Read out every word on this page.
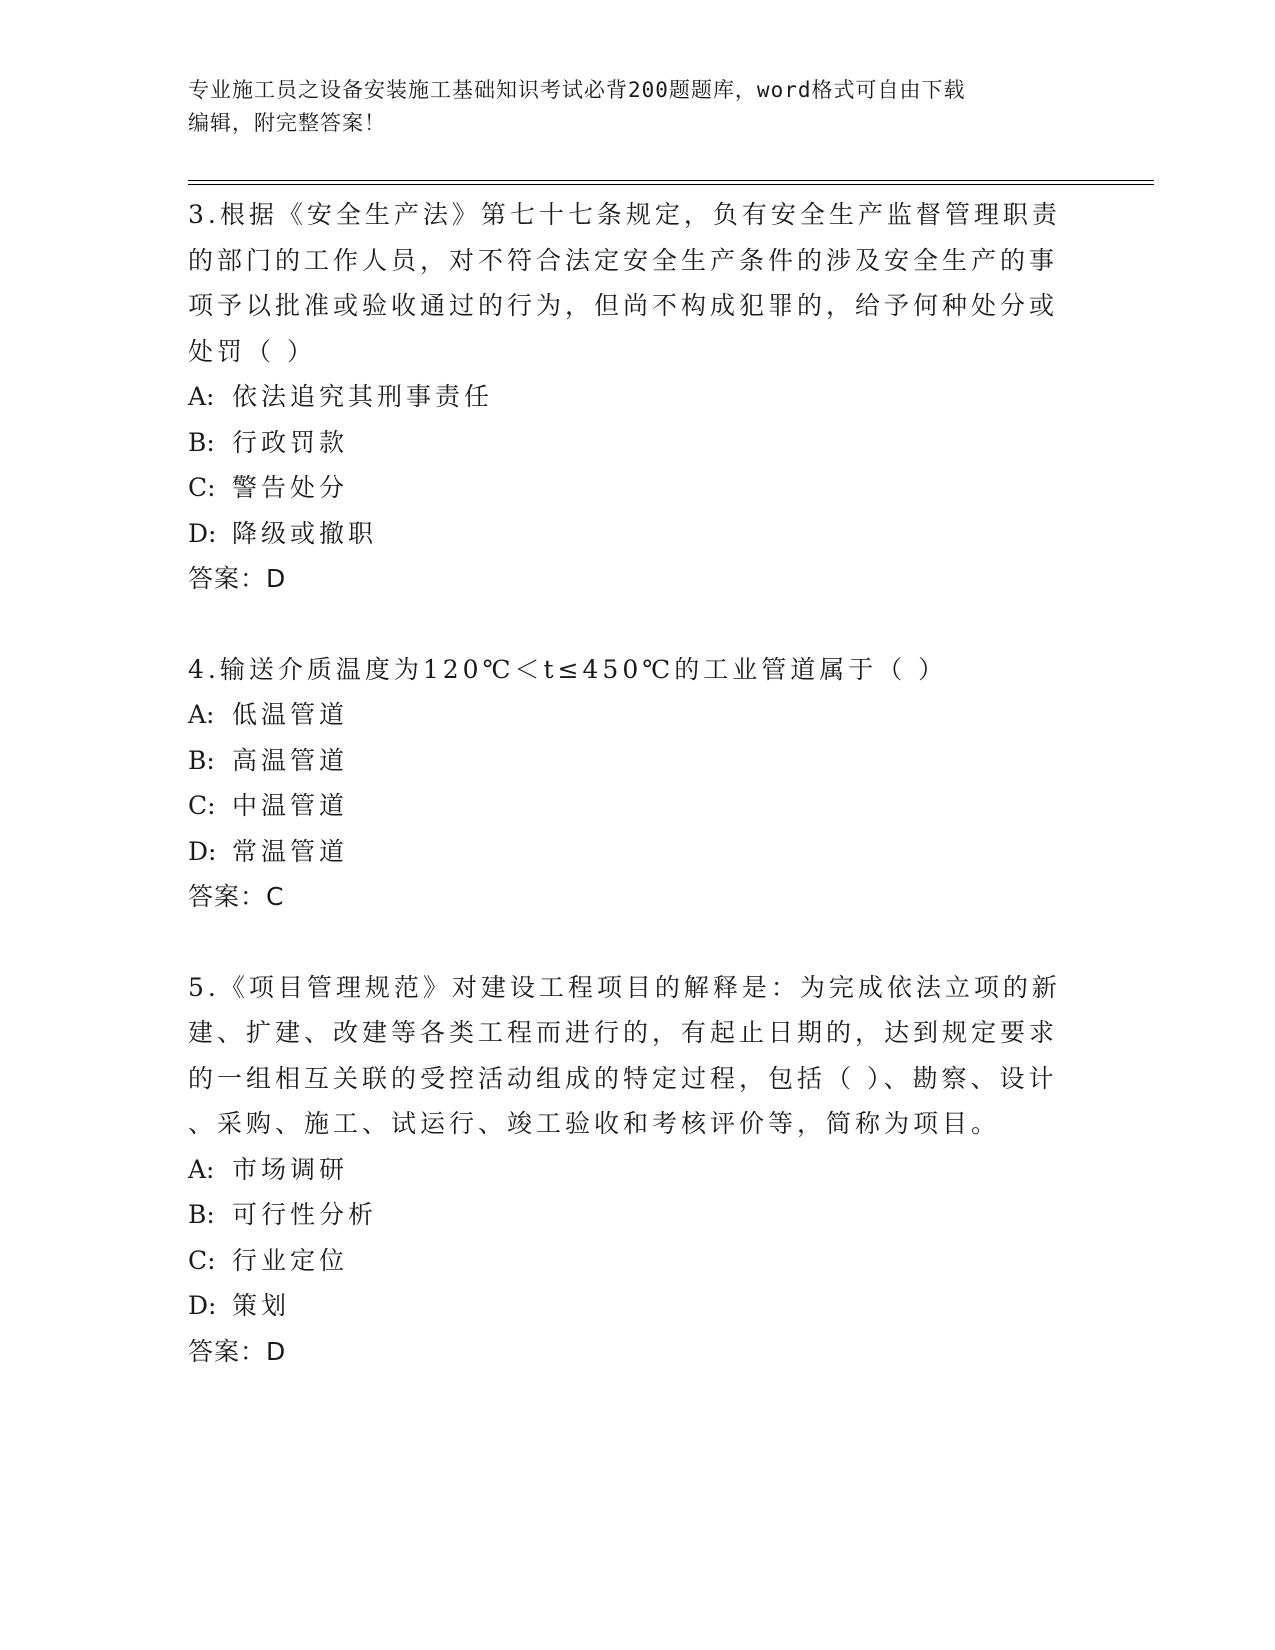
专业施工员之设备安装施工基础知识考试必背200题题库，word格式可自由下载
编辑，附完整答案！

3.根据《安全生产法》第七十七条规定，负有安全生产监督管理职责

的部门的工作人员，对不符合法定安全生产条件的涉及安全生产的事

项予以批准或验收通过的行为，但尚不构成犯罪的，给予何种处分或

处罚（ ）

A: 依法追究其刑事责任

B: 行政罚款

C: 警告处分

D: 降级或撤职

答案：D

4.输送介质温度为120℃＜t≤450℃的工业管道属于（ ）

A: 低温管道

B: 高温管道

C: 中温管道

D: 常温管道

答案：C

5.《项目管理规范》对建设工程项目的解释是：为完成依法立项的新

建、扩建、改建等各类工程而进行的，有起止日期的，达到规定要求

的一组相互关联的受控活动组成的特定过程，包括（ ）、勘察、设计

、采购、施工、试运行、竣工验收和考核评价等，简称为项目。

A: 市场调研

B: 可行性分析

C: 行业定位

D: 策划

答案：D
